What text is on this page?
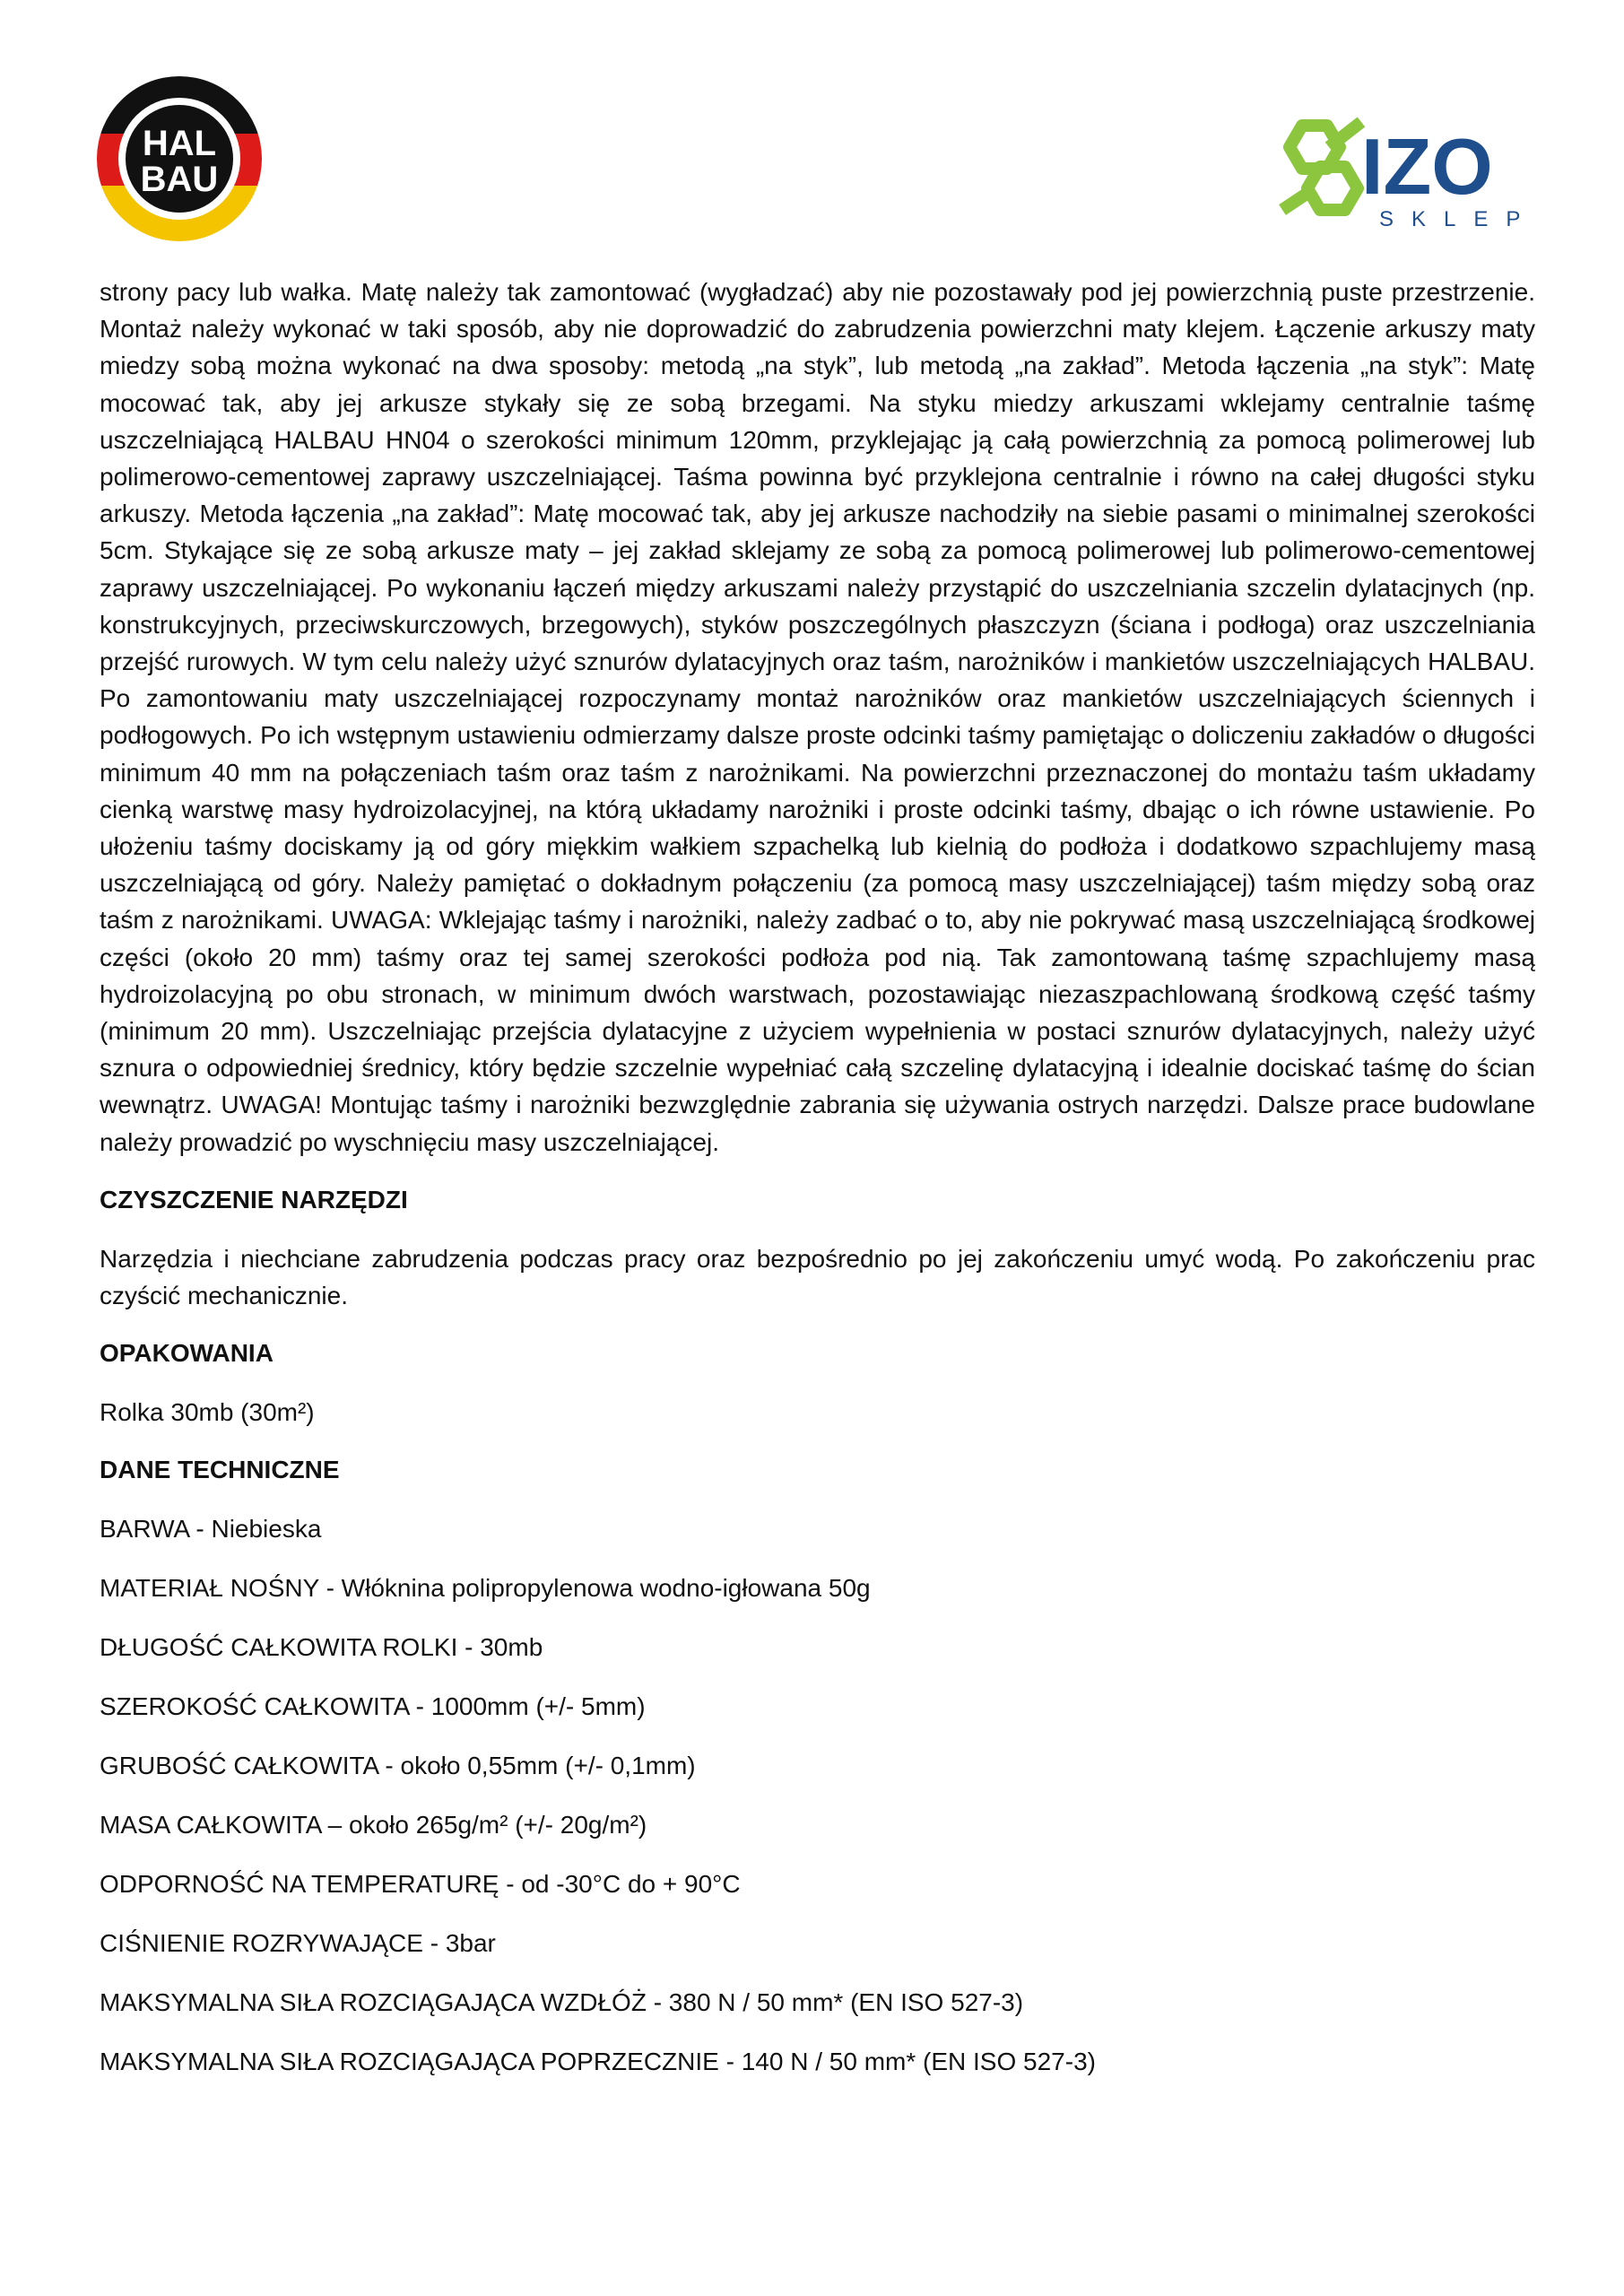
HAL
BAU	IZO
SKLEP

strony pacy lub wałka. Matę należy tak zamontować (wygładzać) aby nie pozostawały pod jej powierzchnią puste przestrzenie. Montaż należy wykonać w taki sposób, aby nie doprowadzić do zabrudzenia powierzchni maty klejem. Łączenie arkuszy maty miedzy sobą można wykonać na dwa sposoby: metodą „na styk”, lub metodą „na zakład”. Metoda łączenia „na styk”: Matę mocować tak, aby jej arkusze stykały się ze sobą brzegami. Na styku miedzy arkuszami wklejamy centralnie taśmę uszczelniającą HALBAU HN04 o szerokości minimum 120mm, przyklejając ją całą powierzchnią za pomocą polimerowej lub polimerowo-cementowej zaprawy uszczelniającej. Taśma powinna być przyklejona centralnie i równo na całej długości styku arkuszy. Metoda łączenia „na zakład”: Matę mocować tak, aby jej arkusze nachodziły na siebie pasami o minimalnej szerokości 5cm. Stykające się ze sobą arkusze maty – jej zakład sklejamy ze sobą za pomocą polimerowej lub polimerowo-cementowej zaprawy uszczelniającej. Po wykonaniu łączeń między arkuszami należy przystąpić do uszczelniania szczelin dylatacjnych (np. konstrukcyjnych, przeciwskurczowych, brzegowych), styków poszczególnych płaszczyzn (ściana i podłoga) oraz uszczelniania przejść rurowych. W tym celu należy użyć sznurów dylatacyjnych oraz taśm, narożników i mankietów uszczelniających HALBAU. Po zamontowaniu maty uszczelniającej rozpoczynamy montaż narożników oraz mankietów uszczelniających ściennych i podłogowych. Po ich wstępnym ustawieniu odmierzamy dalsze proste odcinki taśmy pamiętając o doliczeniu zakładów o długości minimum 40 mm na połączeniach taśm oraz taśm z narożnikami. Na powierzchni przeznaczonej do montażu taśm układamy cienką warstwę masy hydroizolacyjnej, na którą układamy narożniki i proste odcinki taśmy, dbając o ich równe ustawienie. Po ułożeniu taśmy dociskamy ją od góry miękkim wałkiem szpachelką lub kielnią do podłoża i dodatkowo szpachlujemy masą uszczelniającą od góry. Należy pamiętać o dokładnym połączeniu (za pomocą masy uszczelniającej) taśm między sobą oraz taśm z narożnikami. UWAGA: Wklejając taśmy i narożniki, należy zadbać o to, aby nie pokrywać masą uszczelniającą środkowej części (około 20 mm) taśmy oraz tej samej szerokości podłoża pod nią. Tak zamontowaną taśmę szpachlujemy masą hydroizolacyjną po obu stronach, w minimum dwóch warstwach, pozostawiając niezaszpachlowaną środkową część taśmy (minimum 20 mm). Uszczelniając przejścia dylatacyjne z użyciem wypełnienia w postaci sznurów dylatacyjnych, należy użyć sznura o odpowiedniej średnicy, który będzie szczelnie wypełniać całą szczelinę dylatacyjną i idealnie dociskać taśmę do ścian wewnątrz. UWAGA! Montując taśmy i narożniki bezwzględnie zabrania się używania ostrych narzędzi. Dalsze prace budowlane należy prowadzić po wyschnięciu masy uszczelniającej.

CZYSZCZENIE NARZĘDZI

Narzędzia i niechciane zabrudzenia podczas pracy oraz bezpośrednio po jej zakończeniu umyć wodą. Po zakończeniu prac czyścić mechanicznie.

OPAKOWANIA

Rolka 30mb (30m²)

DANE TECHNICZNE
BARWA - Niebieska
MATERIAŁ NOŚNY - Włóknina polipropylenowa wodno-igłowana 50g
DŁUGOŚĆ CAŁKOWITA ROLKI - 30mb
SZEROKOŚĆ CAŁKOWITA - 1000mm (+/- 5mm)
GRUBOŚĆ CAŁKOWITA - około 0,55mm (+/- 0,1mm)
MASA CAŁKOWITA – około 265g/m² (+/- 20g/m²)
ODPORNOŚĆ NA TEMPERATURĘ - od -30°C do + 90°C
CIŚNIENIE ROZRYWAJĄCE - 3bar
MAKSYMALNA SIŁA ROZCIĄGAJĄCA WZDŁÓŻ - 380 N / 50 mm* (EN ISO 527-3)
MAKSYMALNA SIŁA ROZCIĄGAJĄCA POPRZECZNIE - 140 N / 50 mm* (EN ISO 527-3)
